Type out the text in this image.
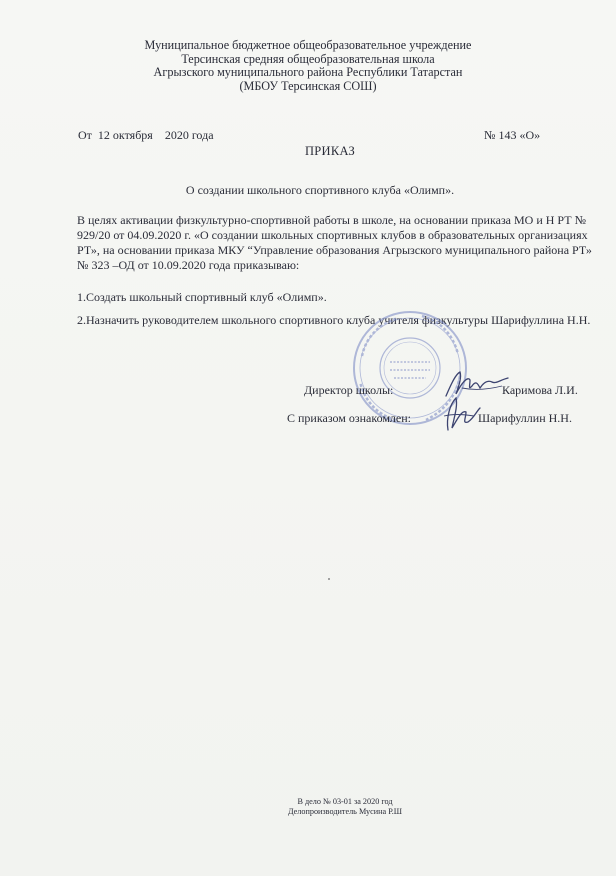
Муниципальное бюджетное общеобразовательное учреждение
Терсинская средняя общеобразовательная школа
Агрызского муниципального района Республики Татарстан
(МБОУ Терсинская СОШ)
От  12 октября    2020 года	№ 143 «О»
ПРИКАЗ
О создании школьного спортивного клуба «Олимп».
В целях активации физкультурно-спортивной работы в школе, на основании приказа МО и Н РТ № 929/20 от 04.09.2020 г. «О создании школьных спортивных клубов в образовательных организациях РТ», на основании приказа МКУ “Управление образования Агрызского муниципального района РТ» № 323 –ОД от 10.09.2020 года приказываю:
1.Создать школьный спортивный клуб «Олимп».
2.Назначить руководителем школьного спортивного клуба учителя физкультуры Шарифуллина Н.Н.
Директор школы:	Каримова Л.И.
С приказом ознакомлен:	Шарифуллин Н.Н.
В дело № 03-01 за 2020 год
Делопроизводитель Мусина Р.Ш
